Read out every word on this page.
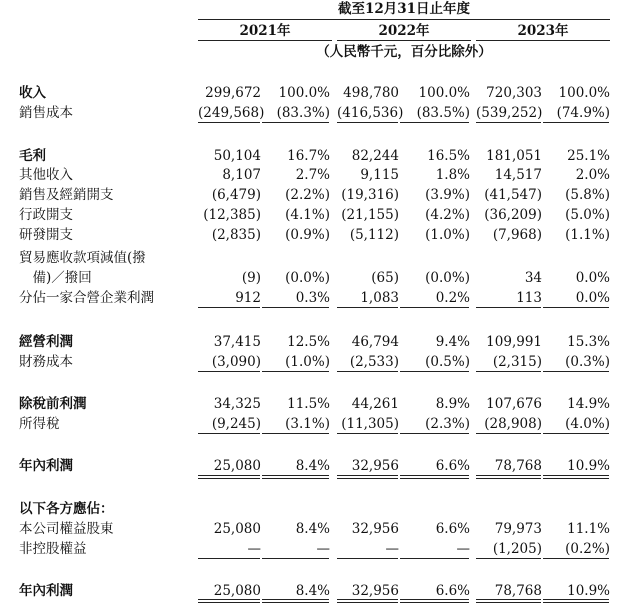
截至12月31日止年度
2021年	2022年	2023年
（人民幣千元，百分比除外）
收入	299,672	100.0% 498,780	100.0%	720,303	100.0%
銷售成本	(249,568) (83.3%) (416,536) (83.5%) (539,252)	(74.9%)
毛利	50,104	16.7%	82,244	16.5%	181,051	25.1%
其他收入	8,107	2.7%	9,115	1.8%	14,517	2.0%
銷售及經銷開支	(6,479)	(2.2%) (19,316)	(3.9%)	(41,547)	(5.8%)
行政開支	(12,385)	(4.1%) (21,155)	(4.2%)	(36,209)	(5.0%)
研發開支	(2,835)	(0.9%)	(5,112)	(1.0%)	(7,968)	(1.1%)
貿易應收款項減值(撥
　備)／撥回	(9)	(0.0%)	(65)	(0.0%)	34	0.0%
分佔一家合營企業利潤	912	0.3%	1,083	0.2%	113	0.0%
經營利潤	37,415	12.5%	46,794	9.4%	109,991	15.3%
財務成本	(3,090)	(1.0%)	(2,533)	(0.5%)	(2,315)	(0.3%)
除稅前利潤	34,325	11.5%	44,261	8.9%	107,676	14.9%
所得稅	(9,245)	(3.1%) (11,305)	(2.3%)	(28,908)	(4.0%)
年內利潤	25,080	8.4%	32,956	6.6%	78,768	10.9%
以下各方應佔：
本公司權益股東	25,080	8.4%	32,956	6.6%	79,973	11.1%
非控股權益	—	—	—	—	(1,205)	(0.2%)
年內利潤	25,080	8.4%	32,956	6.6%	78,768	10.9%
